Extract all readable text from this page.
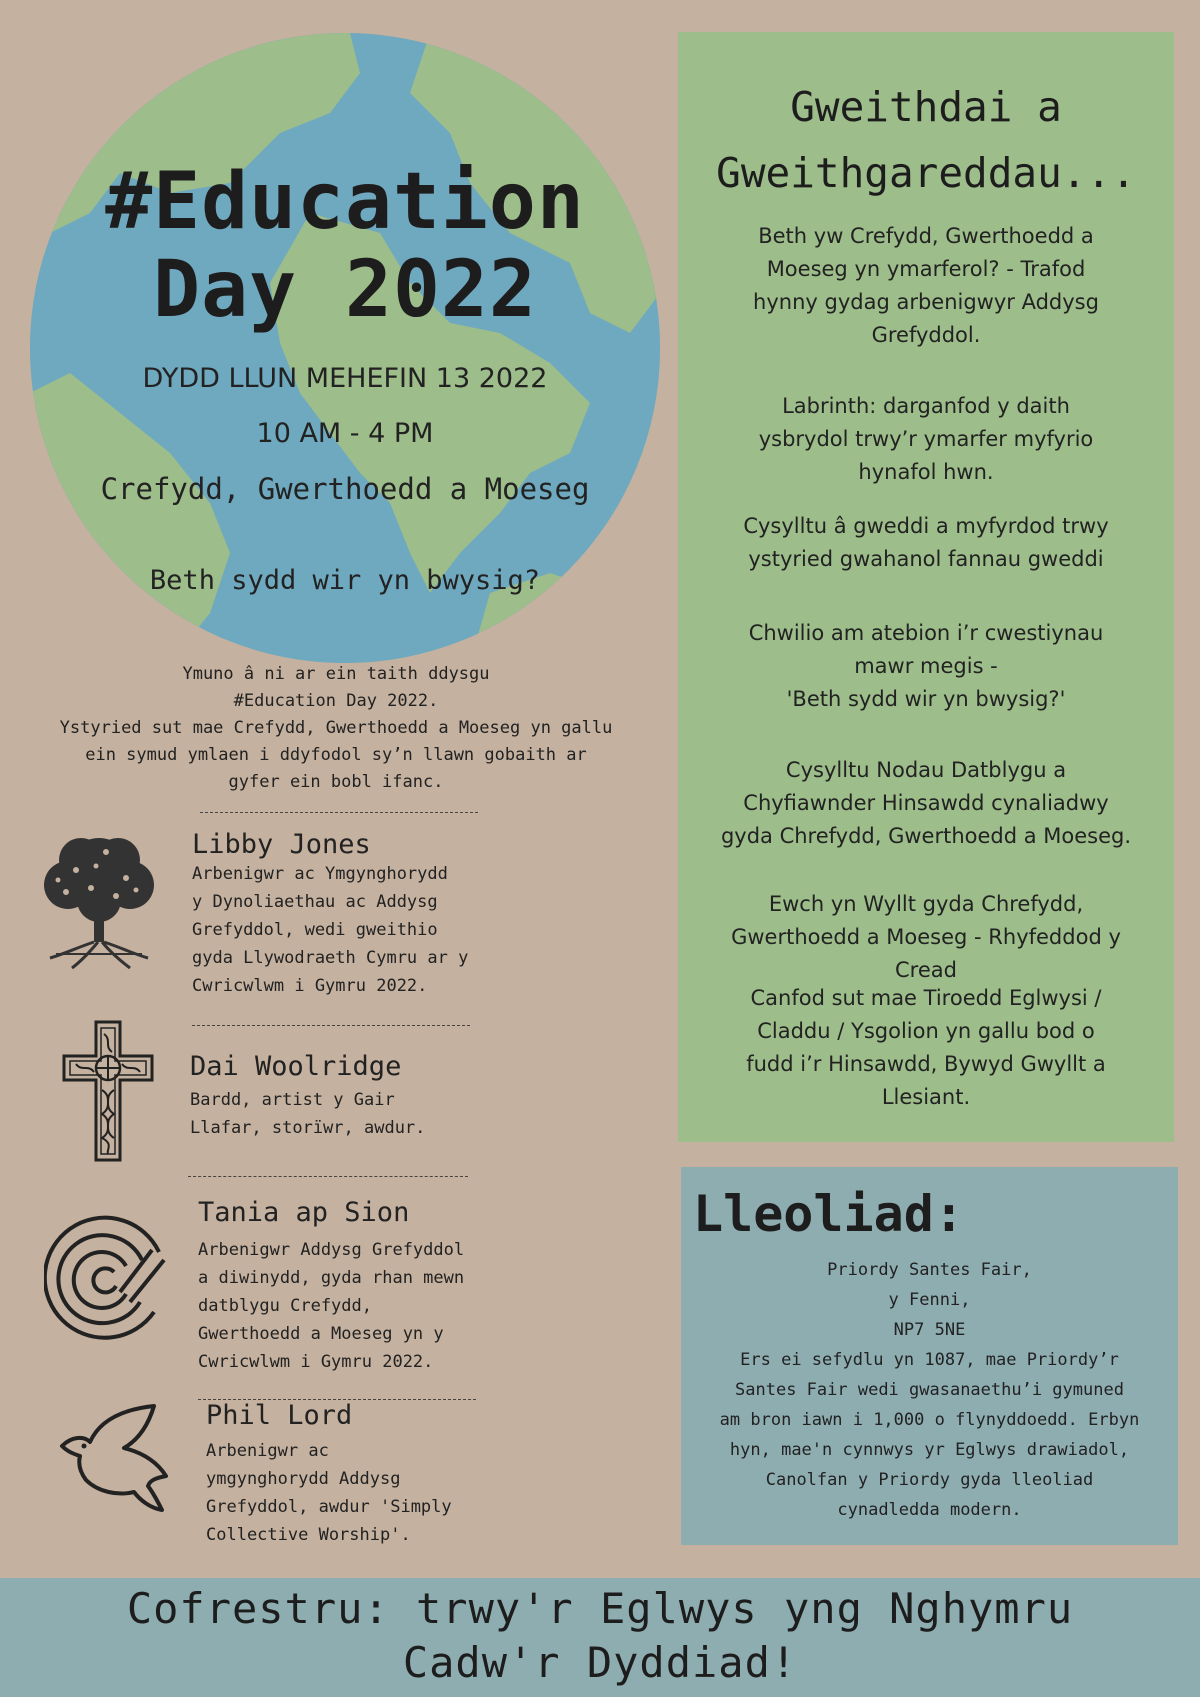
#Education
Day 2022
DYDD LLUN MEHEFIN 13 2022
10 AM - 4 PM
Crefydd, Gwerthoedd a Moeseg
Beth sydd wir yn bwysig?
Ymuno â ni ar ein taith ddysgu
#Education Day 2022.
Ystyried sut mae Crefydd, Gwerthoedd a Moeseg yn gallu
ein symud ymlaen i ddyfodol sy’n llawn gobaith ar
gyfer ein bobl ifanc.
Libby Jones
Arbenigwr ac Ymgynghorydd
y Dynoliaethau ac Addysg
Grefyddol, wedi gweithio
gyda Llywodraeth Cymru ar y
Cwricwlwm i Gymru 2022.
Dai Woolridge
Bardd, artist y Gair
Llafar, storïwr, awdur.
Tania ap Sion
Arbenigwr Addysg Grefyddol
a diwinydd, gyda rhan mewn
datblygu Crefydd,
Gwerthoedd a Moeseg yn y
Cwricwlwm i Gymru 2022.
Phil Lord
Arbenigwr ac
ymgynghorydd Addysg
Grefyddol, awdur 'Simply
Collective Worship'.
Gweithdai a
Gweithgareddau...
Beth yw Crefydd, Gwerthoedd a
Moeseg yn ymarferol? - Trafod
hynny gydag arbenigwyr Addysg
Grefyddol.
Labrinth: darganfod y daith
ysbrydol trwy’r ymarfer myfyrio
hynafol hwn.
Cysylltu â gweddi a myfyrdod trwy
ystyried gwahanol fannau gweddi
Chwilio am atebion i’r cwestiynau
mawr megis -
'Beth sydd wir yn bwysig?'
Cysylltu Nodau Datblygu a
Chyfiawnder Hinsawdd cynaliadwy
gyda Chrefydd, Gwerthoedd a Moeseg.
Ewch yn Wyllt gyda Chrefydd,
Gwerthoedd a Moeseg - Rhyfeddod y
Cread
Canfod sut mae Tiroedd Eglwysi /
Claddu / Ysgolion yn gallu bod o
fudd i’r Hinsawdd, Bywyd Gwyllt a
Llesiant.
Lleoliad:
Priordy Santes Fair,
y Fenni,
NP7 5NE
Ers ei sefydlu yn 1087, mae Priordy’r
Santes Fair wedi gwasanaethu’i gymuned
am bron iawn i 1,000 o flynyddoedd. Erbyn
hyn, mae'n cynnwys yr Eglwys drawiadol,
Canolfan y Priordy gyda lleoliad
cynadledda modern.
Cofrestru: trwy'r Eglwys yng Nghymru
Cadw'r Dyddiad!
